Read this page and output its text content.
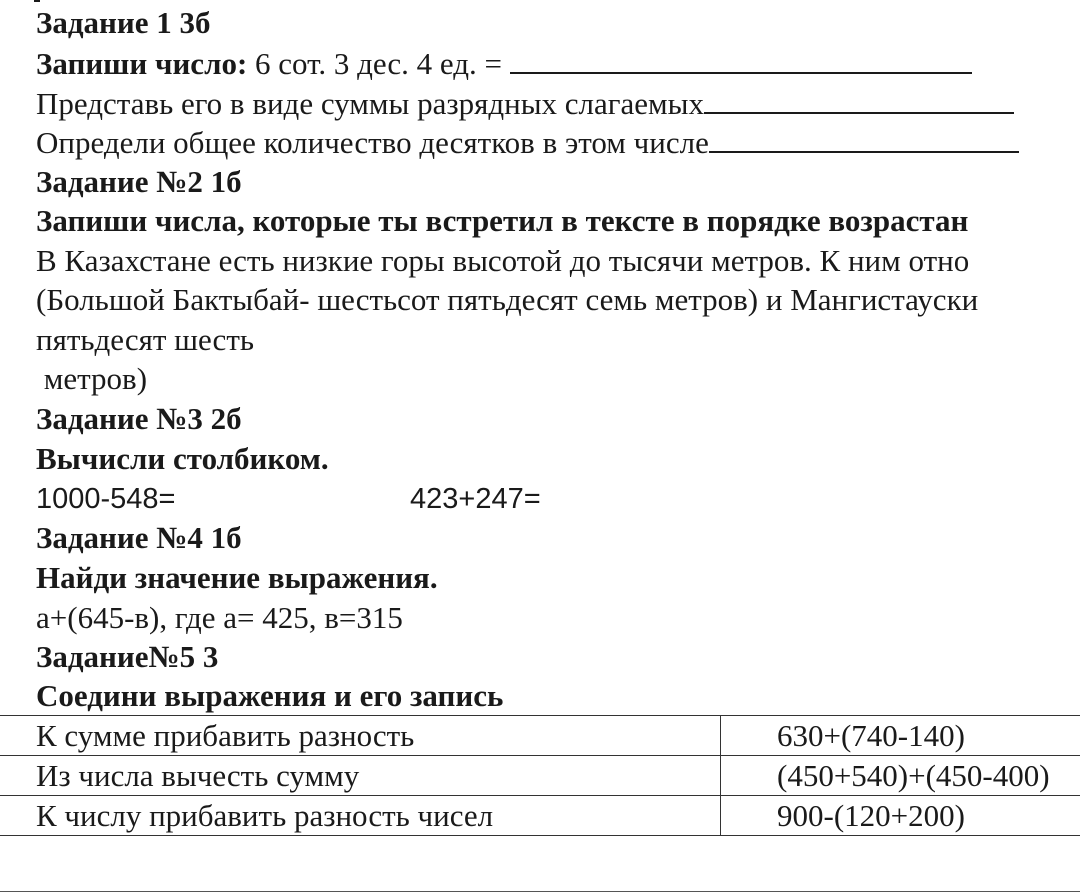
Задание 1 3б
Запиши число: 6 сот. 3 дес. 4 ед. =
Представь его в виде суммы разрядных слагаемых
Определи общее количество десятков в этом числе
Задание №2 1б
Запиши числа, которые ты встретил в тексте в порядке возрастан
В Казахстане есть низкие горы высотой до тысячи метров. К ним отно
(Большой Бактыбай- шестьсот пятьдесят семь метров) и Мангистауски
пятьдесят шесть
метров)
Задание №3 2б
Вычисли столбиком.
1000-548=	423+247=
Задание №4 1б
Найди значение выражения.
а+(645-в), где а= 425, в=315
Задание№5 3
Соедини выражения и его запись
К сумме прибавить разность	630+(740-140)
Из числа вычесть сумму	(450+540)+(450-400)
К числу прибавить разность чисел	900-(120+200)
